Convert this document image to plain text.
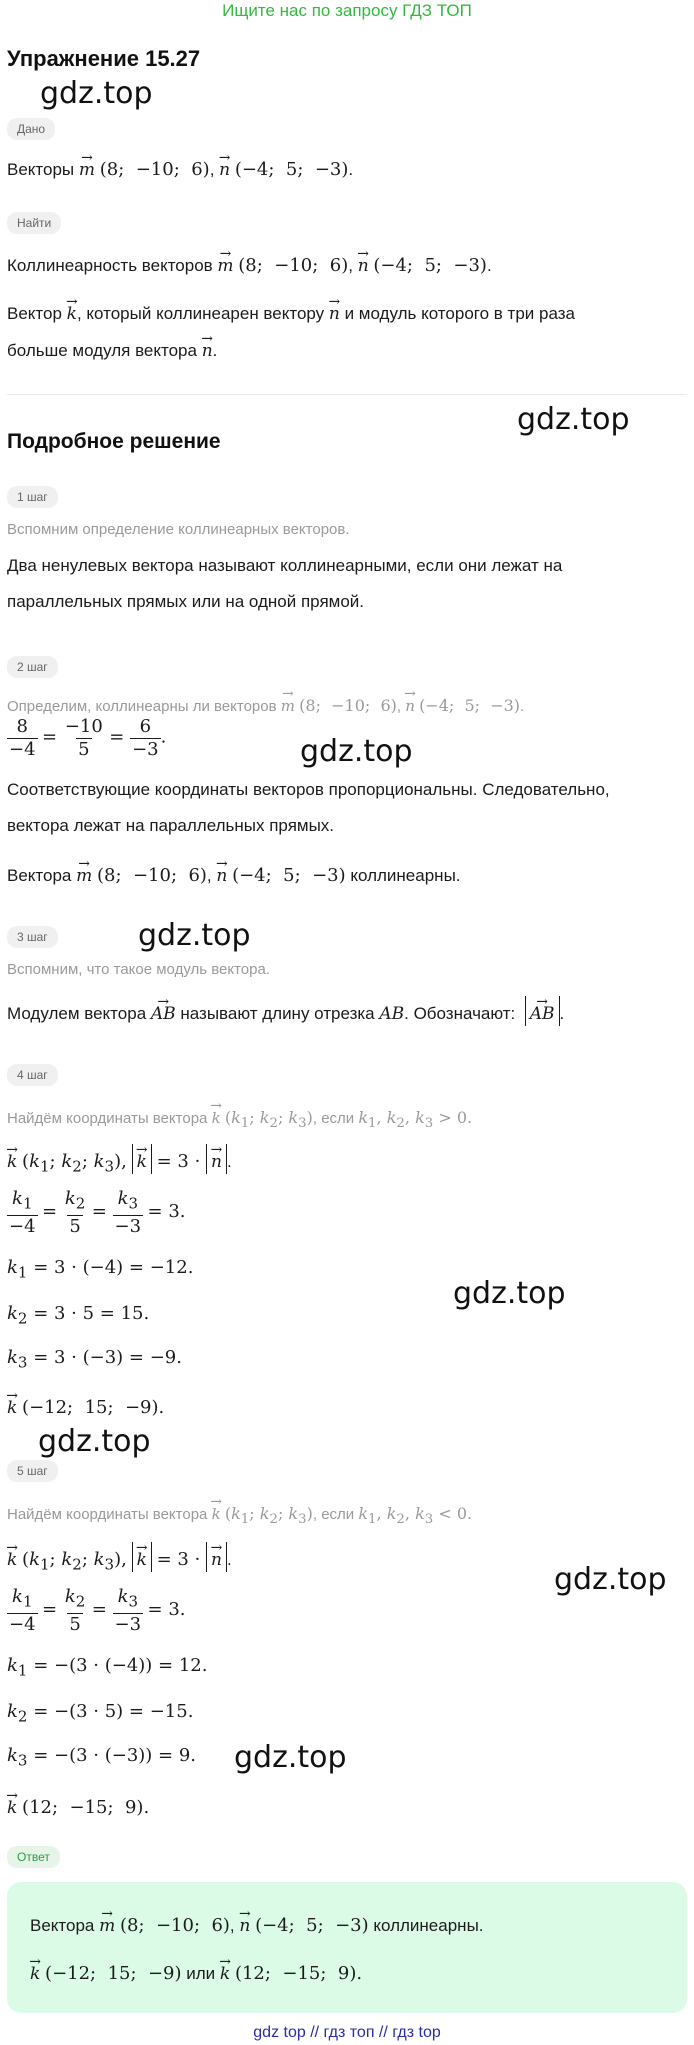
Ищите нас по запросу ГДЗ ТОП
Упражнение 15.27
gdz.top
Дано
Векторы → m (8;  −10;  6), → n (−4;  5;  −3).
Найти
Коллинеарность векторов → m (8;  −10;  6), → n (−4;  5;  −3).
Вектор → k, который коллинеарен вектору → n и модуль которого в три раза
больше модуля вектора → n.
gdz.top
Подробное решение
1 шаг
Вспомним определение коллинеарных векторов.
Два ненулевых вектора называют коллинеарными, если они лежат на
параллельных прямых или на одной прямой.
2 шаг
Определим, коллинеарны ли векторов → m (8;  −10;  6), → n (−4;  5;  −3).
$\frac{8}{-4} = \frac{-10}{5} = \frac{6}{-3}$ .	gdz.top
Соответствующие координаты векторов пропорциональны. Следовательно,
вектора лежат на параллельных прямых.
Вектора → m (8;  −10;  6), → n (−4;  5;  −3) коллинеарны.
3 шаг	gdz.top
Вспомним, что такое модуль вектора.
Модулем вектора → AB называют длину отрезка AB. Обозначают:  → AB .
4 шаг
Найдём координаты вектора → k ($k_1$; $k_2$; $k_3$), если $k_1$, $k_2$, $k_3 > 0$.
→ k ($k_1$; $k_2$; $k_3$), → k = 3 · → n .
$\frac{k_1}{-4} = \frac{k_2}{5} = \frac{k_3}{-3} = 3$.
$k_1 = 3 \cdot (-4) = -12$.
$k_2 = 3 \cdot 5 = 15$.
gdz.top
$k_3 = 3 \cdot (-3) = -9$.
→ k (−12;  15;  −9).
gdz.top
5 шаг
Найдём координаты вектора → k ($k_1$; $k_2$; $k_3$), если $k_1$, $k_2$, $k_3 < 0$.
→ k ($k_1$; $k_2$; $k_3$), → k = 3 · → n .
gdz.top
$\frac{k_1}{-4} = \frac{k_2}{5} = \frac{k_3}{-3} = 3$.
$k_1 = -(3 \cdot (-4)) = 12$.
$k_2 = -(3 \cdot 5) = -15$.
$k_3 = -(3 \cdot (-3)) = 9$. gdz.top
→ k (12;  −15;  9).
Ответ
Вектора → m (8;  −10;  6), → n (−4;  5;  −3) коллинеарны.
→ k (−12;  15;  −9) или → k (12;  −15;  9).
gdz top // гдз топ // гдз top
